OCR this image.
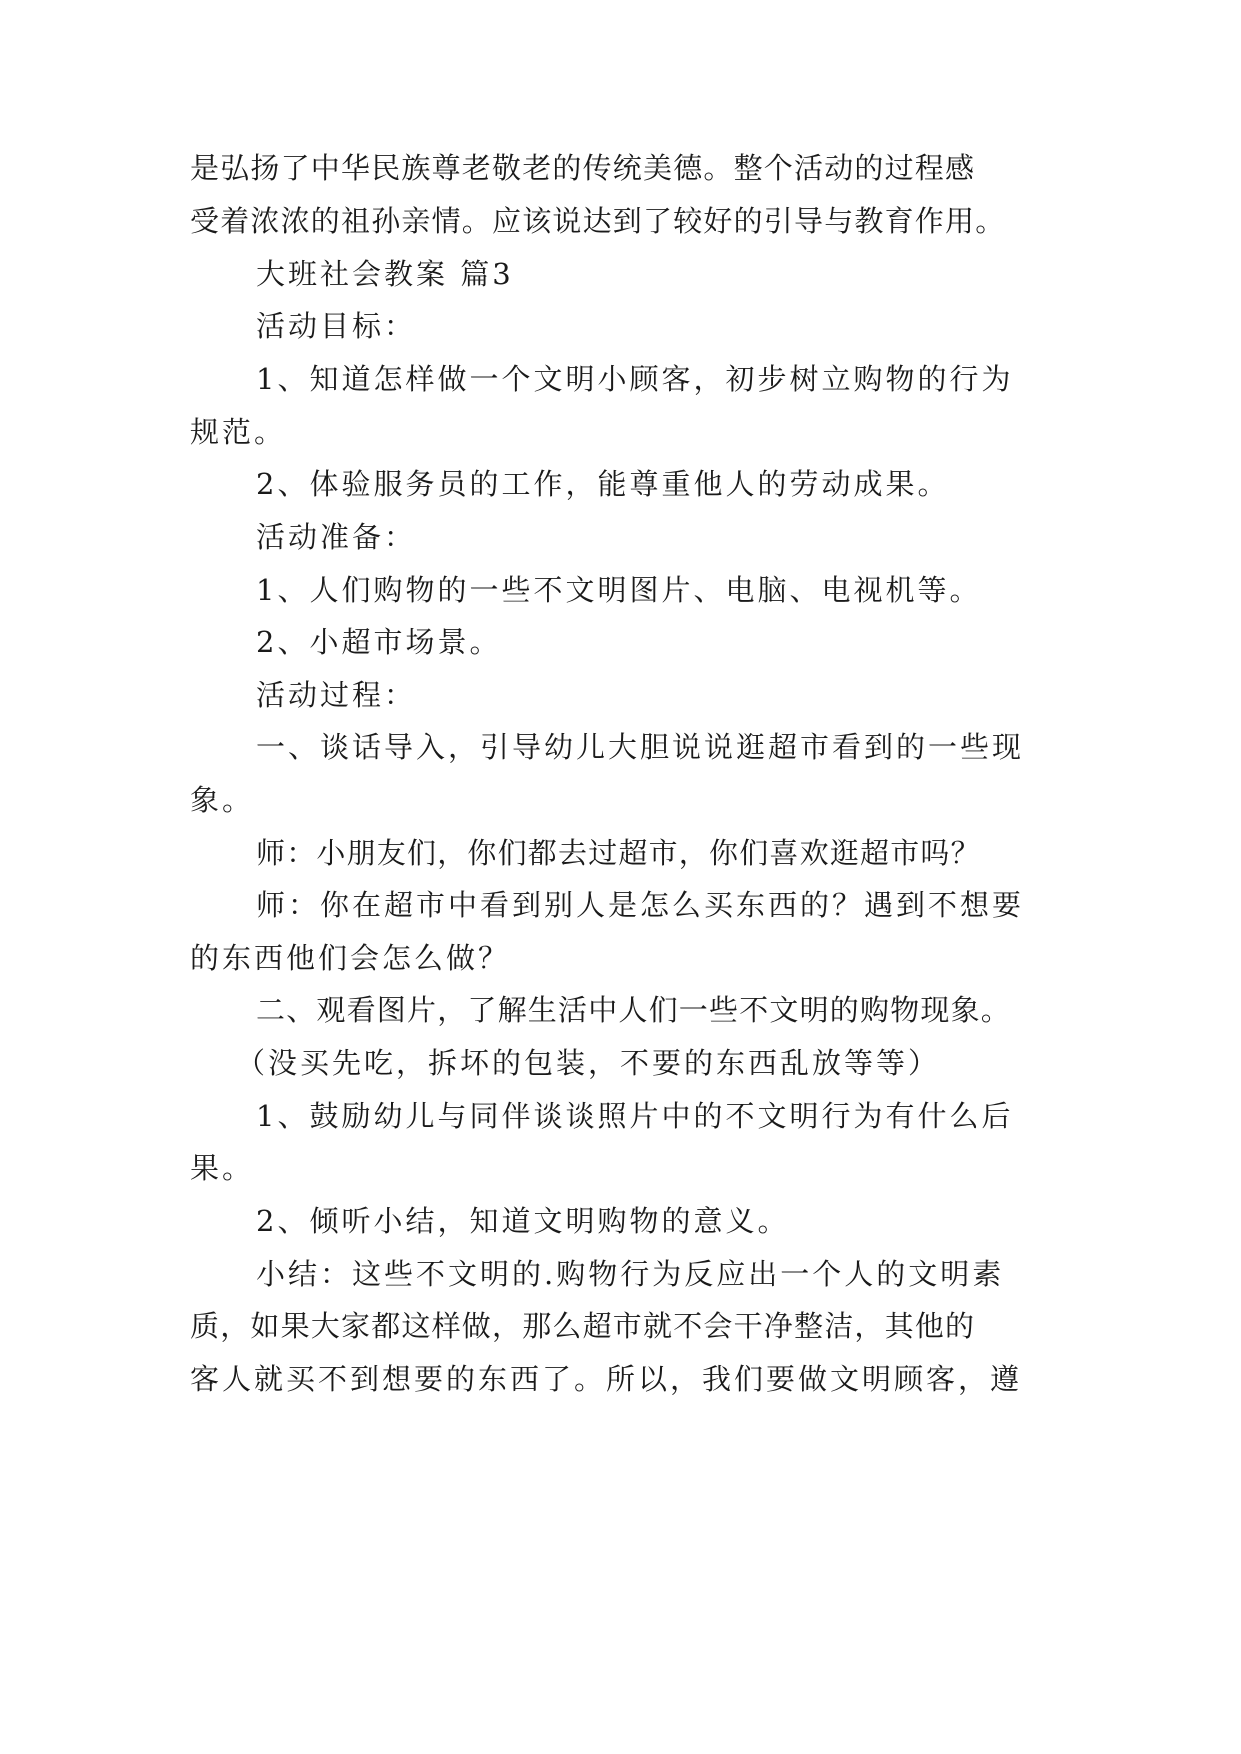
是弘扬了中华民族尊老敬老的传统美德。整个活动的过程感
受着浓浓的祖孙亲情。应该说达到了较好的引导与教育作用。
大班社会教案 篇3
活动目标：
1、知道怎样做一个文明小顾客，初步树立购物的行为
规范。
2、体验服务员的工作，能尊重他人的劳动成果。
活动准备：
1、人们购物的一些不文明图片、电脑、电视机等。
2、小超市场景。
活动过程：
一、谈话导入，引导幼儿大胆说说逛超市看到的一些现
象。
师：小朋友们，你们都去过超市，你们喜欢逛超市吗？
师：你在超市中看到别人是怎么买东西的？遇到不想要
的东西他们会怎么做？
二、观看图片，了解生活中人们一些不文明的购物现象。
（没买先吃，拆坏的包装，不要的东西乱放等等）
1、鼓励幼儿与同伴谈谈照片中的不文明行为有什么后
果。
2、倾听小结，知道文明购物的意义。
小结：这些不文明的.购物行为反应出一个人的文明素
质，如果大家都这样做，那么超市就不会干净整洁，其他的
客人就买不到想要的东西了。所以，我们要做文明顾客，遵
